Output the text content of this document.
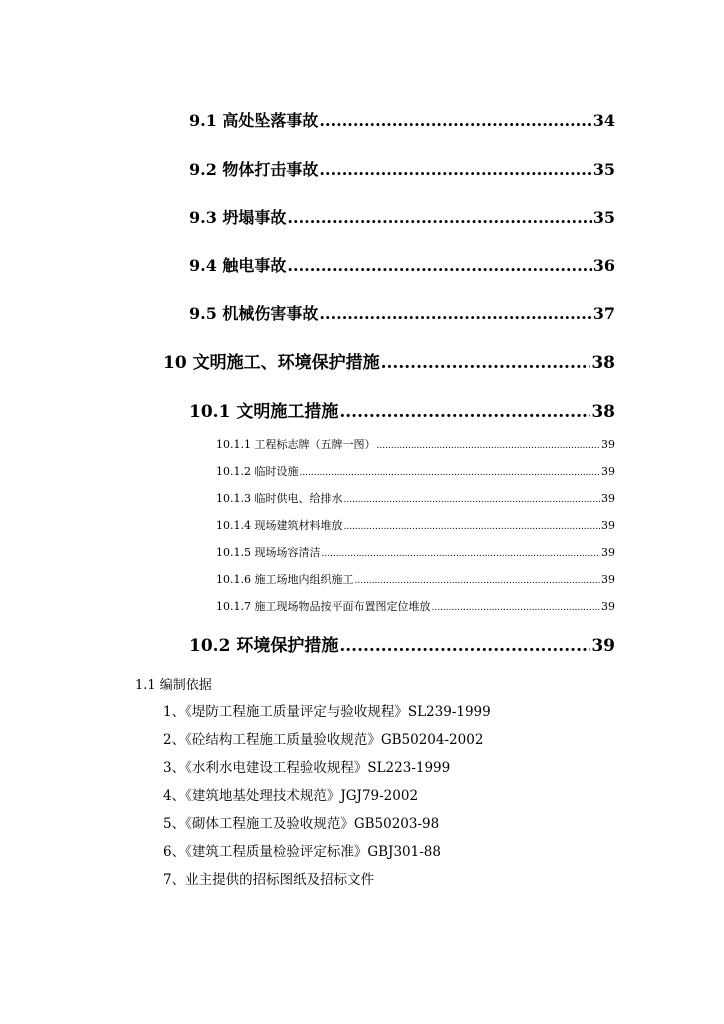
9.1 高处坠落事故 .....	34
9.2 物体打击事故 .....	35
9.3 坍塌事故 .....	35
9.4 触电事故 .....	36
9.5 机械伤害事故 .....	37
10 文明施工、环境保护措施 .....	38
10.1 文明施工措施 .....	38
10.1.1 工程标志牌（五牌一图） .....	39
10.1.2 临时设施 .....	39
10.1.3 临时供电、给排水 .....	39
10.1.4 现场建筑材料堆放 .....	39
10.1.5 现场场容清洁 .....	39
10.1.6 施工场地内组织施工 .....	39
10.1.7 施工现场物品按平面布置图定位堆放 .....	39
10.2 环境保护措施 .....	39
1.1 编制依据
1、《堤防工程施工质量评定与验收规程》SL239-1999
2、《砼结构工程施工质量验收规范》GB50204-2002
3、《水利水电建设工程验收规程》SL223-1999
4、《建筑地基处理技术规范》JGJ79-2002
5、《砌体工程施工及验收规范》GB50203-98
6、《建筑工程质量检验评定标准》GBJ301-88
7、业主提供的招标图纸及招标文件
